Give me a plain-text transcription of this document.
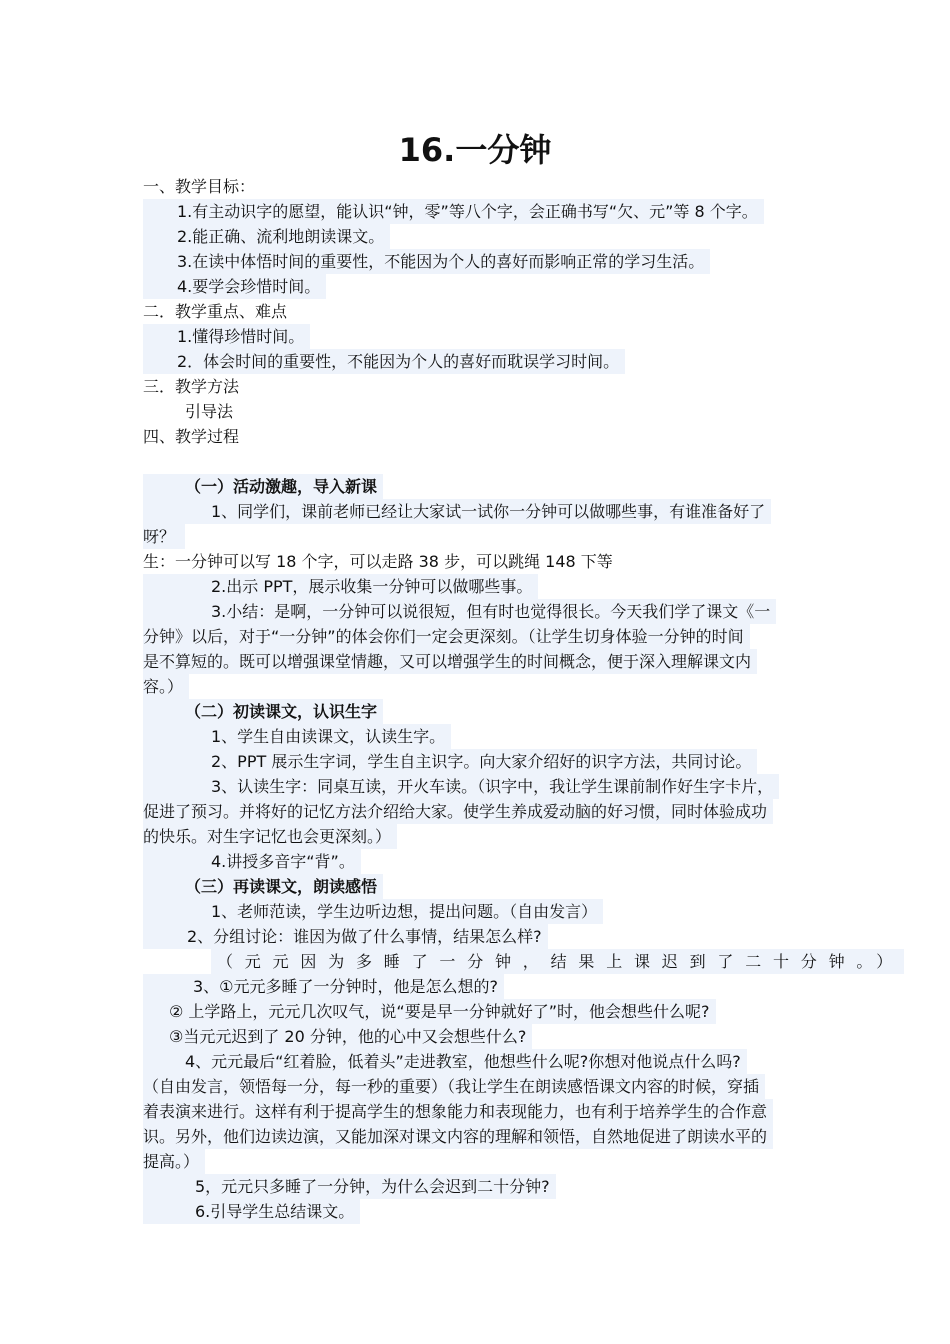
16.一分钟
一、教学目标：
1.有主动识字的愿望，能认识“钟，零”等八个字，会正确书写“欠、元”等 8 个字。
2.能正确、流利地朗读课文。
3.在读中体悟时间的重要性，不能因为个人的喜好而影响正常的学习生活。
4.要学会珍惜时间。
二．教学重点、难点
1.懂得珍惜时间。
2．体会时间的重要性，不能因为个人的喜好而耽误学习时间。
三．教学方法
引导法
四、教学过程
（一）活动激趣，导入新课
1、同学们，课前老师已经让大家试一试你一分钟可以做哪些事，有谁准备好了
呀？
生：一分钟可以写 18 个字，可以走路 38 步，可以跳绳 148 下等
2.出示 PPT，展示收集一分钟可以做哪些事。
3.小结：是啊，一分钟可以说很短，但有时也觉得很长。今天我们学了课文《一
分钟》以后，对于“一分钟”的体会你们一定会更深刻。（让学生切身体验一分钟的时间
是不算短的。既可以增强课堂情趣，又可以增强学生的时间概念，便于深入理解课文内
容。）
（二）初读课文，认识生字
1、学生自由读课文，认读生字。
2、PPT 展示生字词，学生自主识字。向大家介绍好的识字方法，共同讨论。
3、认读生字：同桌互读，开火车读。（识字中，我让学生课前制作好生字卡片，
促进了预习。并将好的记忆方法介绍给大家。使学生养成爱动脑的好习惯，同时体验成功
的快乐。对生字记忆也会更深刻。）
4.讲授多音字“背”。
（三）再读课文，朗读感悟
1、老师范读，学生边听边想，提出问题。（自由发言）
2、分组讨论：谁因为做了什么事情，结果怎么样?
（元元因为多睡了一分钟，结果上课迟到了二十分钟。）
3、①元元多睡了一分钟时，他是怎么想的?
② 上学路上，元元几次叹气，说“要是早一分钟就好了”时，他会想些什么呢?
③当元元迟到了 20 分钟，他的心中又会想些什么?
4、元元最后“红着脸，低着头”走进教室，他想些什么呢?你想对他说点什么吗?
（自由发言，领悟每一分，每一秒的重要）（我让学生在朗读感悟课文内容的时候，穿插
着表演来进行。这样有利于提高学生的想象能力和表现能力，也有利于培养学生的合作意
识。另外，他们边读边演，又能加深对课文内容的理解和领悟，自然地促进了朗读水平的
提高。）
5，元元只多睡了一分钟，为什么会迟到二十分钟?
6.引导学生总结课文。
